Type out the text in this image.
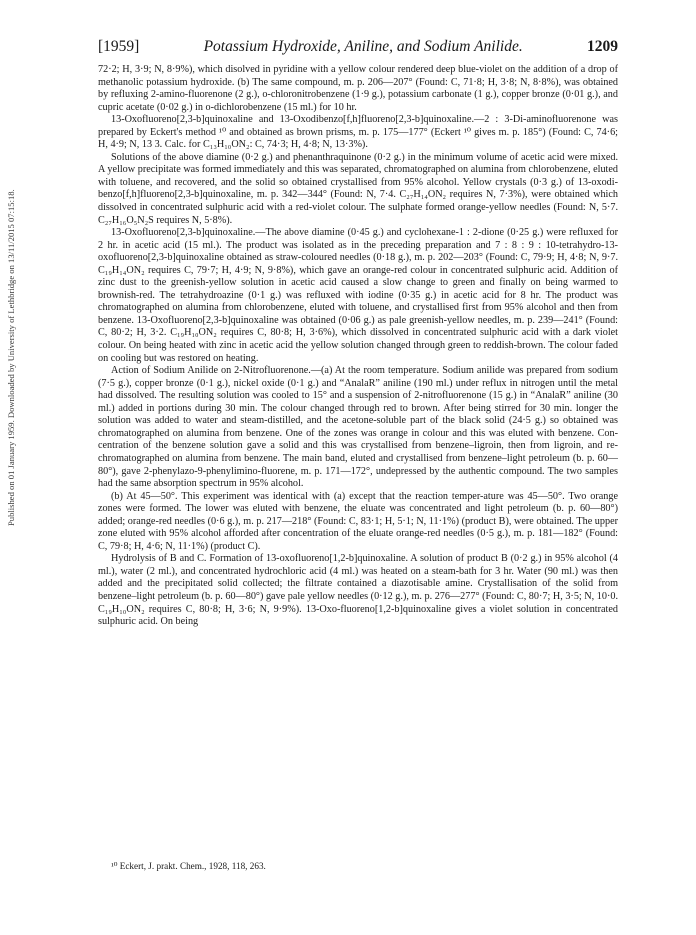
Published on 01 January 1959. Downloaded by University of Lethbridge on 13/11/2015 07:15:18.
[1959]	Potassium Hydroxide, Aniline, and Sodium Anilide.	1209

72·2; H, 3·9; N, 8·9%), which disolved in pyridine with a yellow colour rendered deep blue-violet on the addition of a drop of methanolic potassium hydroxide. (b) The same compound, m. p. 206—207° (Found: C, 71·8; H, 3·8; N, 8·8%), was obtained by refluxing 2-amino-fluorenone (2 g.), o-chloronitrobenzene (1·9 g.), potassium carbonate (1 g.), copper bronze (0·01 g.), and cupric acetate (0·02 g.) in o-dichlorobenzene (15 ml.) for 10 hr.

13-Oxofluoreno[2,3-b]quinoxaline and 13-Oxodibenzo[f,h]fluoreno[2,3-b]quinoxaline.—2 : 3-Di-aminofluorenone was prepared by Eckert's method ¹⁰ and obtained as brown prisms, m. p. 175—177° (Eckert ¹⁰ gives m. p. 185°) (Found: C, 74·6; H, 4·9; N, 13 3. Calc. for C₁₃H₁₀ON₂: C, 74·3; H, 4·8; N, 13·3%).

Solutions of the above diamine (0·2 g.) and phenanthraquinone (0·2 g.) in the minimum volume of acetic acid were mixed. A yellow precipitate was formed immediately and this was separated, chromatographed on alumina from chlorobenzene, eluted with toluene, and recovered, and the solid so obtained crystallised from 95% alcohol. Yellow crystals (0·3 g.) of 13-oxodi-benzo[f,h]fluoreno[2,3-b]quinoxaline, m. p. 342—344° (Found: N, 7·4. C₂₇H₁₄ON₂ requires N, 7·3%), were obtained which dissolved in concentrated sulphuric acid with a red-violet colour. The sulphate formed orange-yellow needles (Found: N, 5·7. C₂₇H₁₆O₅N₂S requires N, 5·8%).

13-Oxofluoreno[2,3-b]quinoxaline.—The above diamine (0·45 g.) and cyclohexane-1 : 2-dione (0·25 g.) were refluxed for 2 hr. in acetic acid (15 ml.). The product was isolated as in the preceding preparation and 7 : 8 : 9 : 10-tetrahydro-13-oxofluoreno[2,3-b]quinoxaline obtained as straw-coloured needles (0·18 g.), m. p. 202—203° (Found: C, 79·9; H, 4·8; N, 9·7. C₁₉H₁₄ON₂ requires C, 79·7; H, 4·9; N, 9·8%), which gave an orange-red colour in concentrated sulphuric acid. Addition of zinc dust to the greenish-yellow solution in acetic acid caused a slow change to green and finally on being warmed to brownish-red. The tetrahydroazine (0·1 g.) was refluxed with iodine (0·35 g.) in acetic acid for 8 hr. The product was chromatographed on alumina from chlorobenzene, eluted with toluene, and crystallised first from 95% alcohol and then from benzene. 13-Oxofluoreno[2,3-b]quinoxaline was obtained (0·06 g.) as pale greenish-yellow needles, m. p. 239—241° (Found: C, 80·2; H, 3·2. C₁₉H₁₀ON₂ requires C, 80·8; H, 3·6%), which dissolved in concentrated sulphuric acid with a dark violet colour. On being heated with zinc in acetic acid the yellow solution changed through green to reddish-brown. The colour faded on cooling but was restored on heating.

Action of Sodium Anilide on 2-Nitrofluorenone.—(a) At the room temperature. Sodium anilide was prepared from sodium (7·5 g.), copper bronze (0·1 g.), nickel oxide (0·1 g.) and “AnalaR” aniline (190 ml.) under reflux in nitrogen until the metal had dissolved. The resulting solution was cooled to 15° and a suspension of 2-nitrofluorenone (15 g.) in “AnalaR” aniline (30 ml.) added in portions during 30 min. The colour changed through red to brown. After being stirred for 30 min. longer the solution was added to water and steam-distilled, and the acetone-soluble part of the black solid (24·5 g.) so obtained was chromatographed on alumina from benzene. One of the zones was orange in colour and this was eluted with benzene. Con-centration of the benzene solution gave a solid and this was crystallised from benzene–ligroin, then from ligroin, and re-chromatographed on alumina from benzene. The main band, eluted and crystallised from benzene–light petroleum (b. p. 60—80°), gave 2-phenylazo-9-phenylimino-fluorene, m. p. 171—172°, undepressed by the authentic compound. The two samples had the same absorption spectrum in 95% alcohol.

(b) At 45—50°. This experiment was identical with (a) except that the reaction temper-ature was 45—50°. Two orange zones were formed. The lower was eluted with benzene, the eluate was concentrated and light petroleum (b. p. 60—80°) added; orange-red needles (0·6 g.), m. p. 217—218° (Found: C, 83·1; H, 5·1; N, 11·1%) (product B), were obtained. The upper zone eluted with 95% alcohol afforded after concentration of the eluate orange-red needles (0·5 g.), m. p. 181—182° (Found: C, 79·8; H, 4·6; N, 11·1%) (product C).

Hydrolysis of B and C. Formation of 13-oxofluoreno[1,2-b]quinoxaline. A solution of product B (0·2 g.) in 95% alcohol (4 ml.), water (2 ml.), and concentrated hydrochloric acid (4 ml.) was heated on a steam-bath for 3 hr. Water (90 ml.) was then added and the precipitated solid collected; the filtrate contained a diazotisable amine. Crystallisation of the solid from benzene–light petroleum (b. p. 60—80°) gave pale yellow needles (0·12 g.), m. p. 276—277° (Found: C, 80·7; H, 3·5; N, 10·0. C₁₉H₁₀ON₂ requires C, 80·8; H, 3·6; N, 9·9%). 13-Oxo-fluoreno[1,2-b]quinoxaline gives a violet solution in concentrated sulphuric acid. On being

¹⁰ Eckert, J. prakt. Chem., 1928, 118, 263.
